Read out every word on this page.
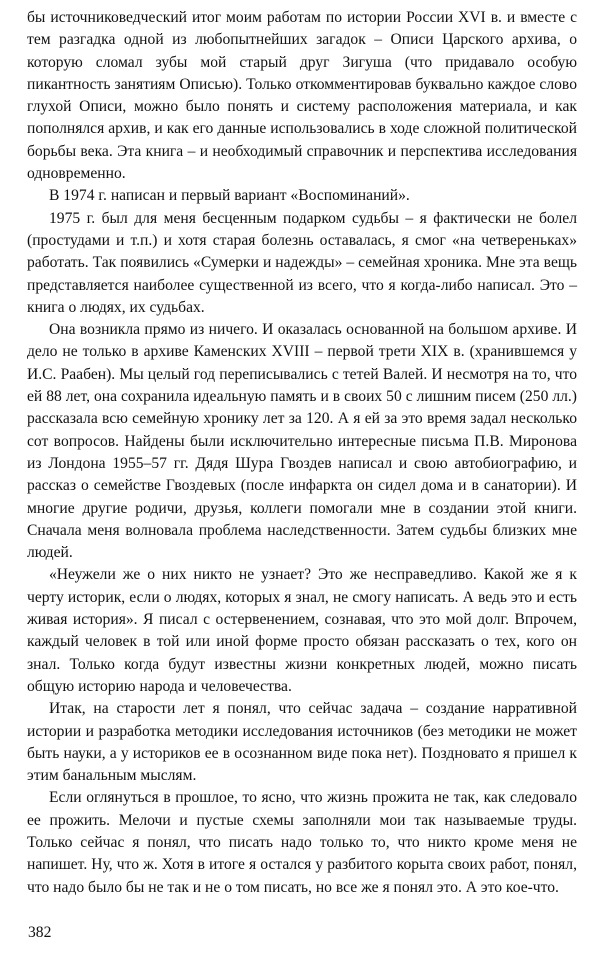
бы источниковедческий итог моим работам по истории России XVI в. и вместе с тем разгадка одной из любопытнейших загадок – Описи Царского архива, о которую сломал зубы мой старый друг Зигуша (что придавало особую пикантность занятиям Описью). Только откомментировав буквально каждое слово глухой Описи, можно было понять и систему расположения материала, и как пополнялся архив, и как его данные использовались в ходе сложной политической борьбы века. Эта книга – и необходимый справочник и перспектива исследования одновременно.

В 1974 г. написан и первый вариант «Воспоминаний».

1975 г. был для меня бесценным подарком судьбы – я фактически не болел (простудами и т.п.) и хотя старая болезнь оставалась, я смог «на четвереньках» работать. Так появились «Сумерки и надежды» – семейная хроника. Мне эта вещь представляется наиболее существенной из всего, что я когда-либо написал. Это – книга о людях, их судьбах.

Она возникла прямо из ничего. И оказалась основанной на большом архиве. И дело не только в архиве Каменских XVIII – первой трети XIX в. (хранившемся у И.С. Раабен). Мы целый год переписывались с тетей Валей. И несмотря на то, что ей 88 лет, она сохранила идеальную память и в своих 50 с лишним писем (250 лл.) рассказала всю семейную хронику лет за 120. А я ей за это время задал несколько сот вопросов. Найдены были исключительно интересные письма П.В. Миронова из Лондона 1955–57 гг. Дядя Шура Гвоздев написал и свою автобиографию, и рассказ о семействе Гвоздевых (после инфаркта он сидел дома и в санатории). И многие другие родичи, друзья, коллеги помогали мне в создании этой книги. Сначала меня волновала проблема наследственности. Затем судьбы близких мне людей.

«Неужели же о них никто не узнает? Это же несправедливо. Какой же я к черту историк, если о людях, которых я знал, не смогу написать. А ведь это и есть живая история». Я писал с остервенением, сознавая, что это мой долг. Впрочем, каждый человек в той или иной форме просто обязан рассказать о тех, кого он знал. Только когда будут известны жизни конкретных людей, можно писать общую историю народа и человечества.

Итак, на старости лет я понял, что сейчас задача – создание нарративной истории и разработка методики исследования источников (без методики не может быть науки, а у историков ее в осознанном виде пока нет). Поздновато я пришел к этим банальным мыслям.

Если оглянуться в прошлое, то ясно, что жизнь прожита не так, как следовало ее прожить. Мелочи и пустые схемы заполняли мои так называемые труды. Только сейчас я понял, что писать надо только то, что никто кроме меня не напишет. Ну, что ж. Хотя в итоге я остался у разбитого корыта своих работ, понял, что надо было бы не так и не о том писать, но все же я понял это. А это кое-что.

382
